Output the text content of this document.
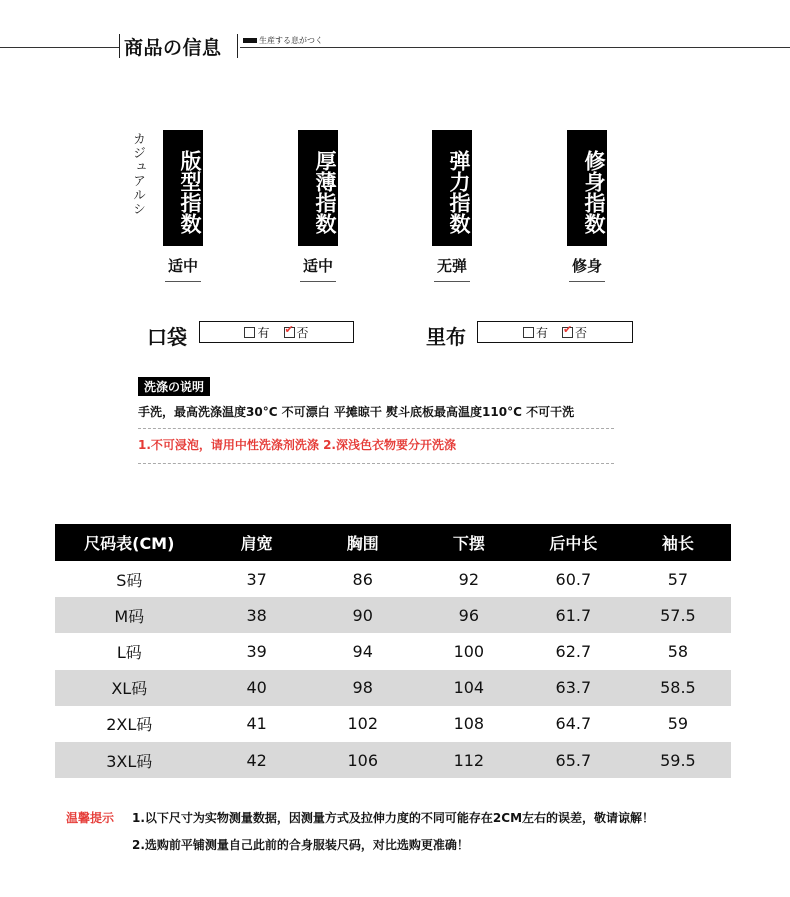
商品の信息	生産する息がつく
カジュアルシ	版型指数
适中
厚薄指数
适中
弹力指数
无弹
修身指数
修身
口袋	有 ✔ 否	里布	有 ✔ 否
洗涤の说明
手洗，最高洗涤温度30°C 不可漂白 平摊晾干 熨斗底板最高温度110°C 不可干洗
1.不可浸泡，请用中性洗涤剂洗涤 2.深浅色衣物要分开洗涤
尺码表(CM)	肩宽	胸围	下摆	后中长	袖长
S码	37	86	92	60.7	57
M码	38	90	96	61.7	57.5
L码	39	94	100	62.7	58
XL码	40	98	104	63.7	58.5
2XL码	41	102	108	64.7	59
3XL码	42	106	112	65.7	59.5
温馨提示 1.以下尺寸为实物测量数据，因测量方式及拉伸力度的不同可能存在2CM左右的误差，敬请谅解！
2.选购前平铺测量自己此前的合身服装尺码，对比选购更准确！
